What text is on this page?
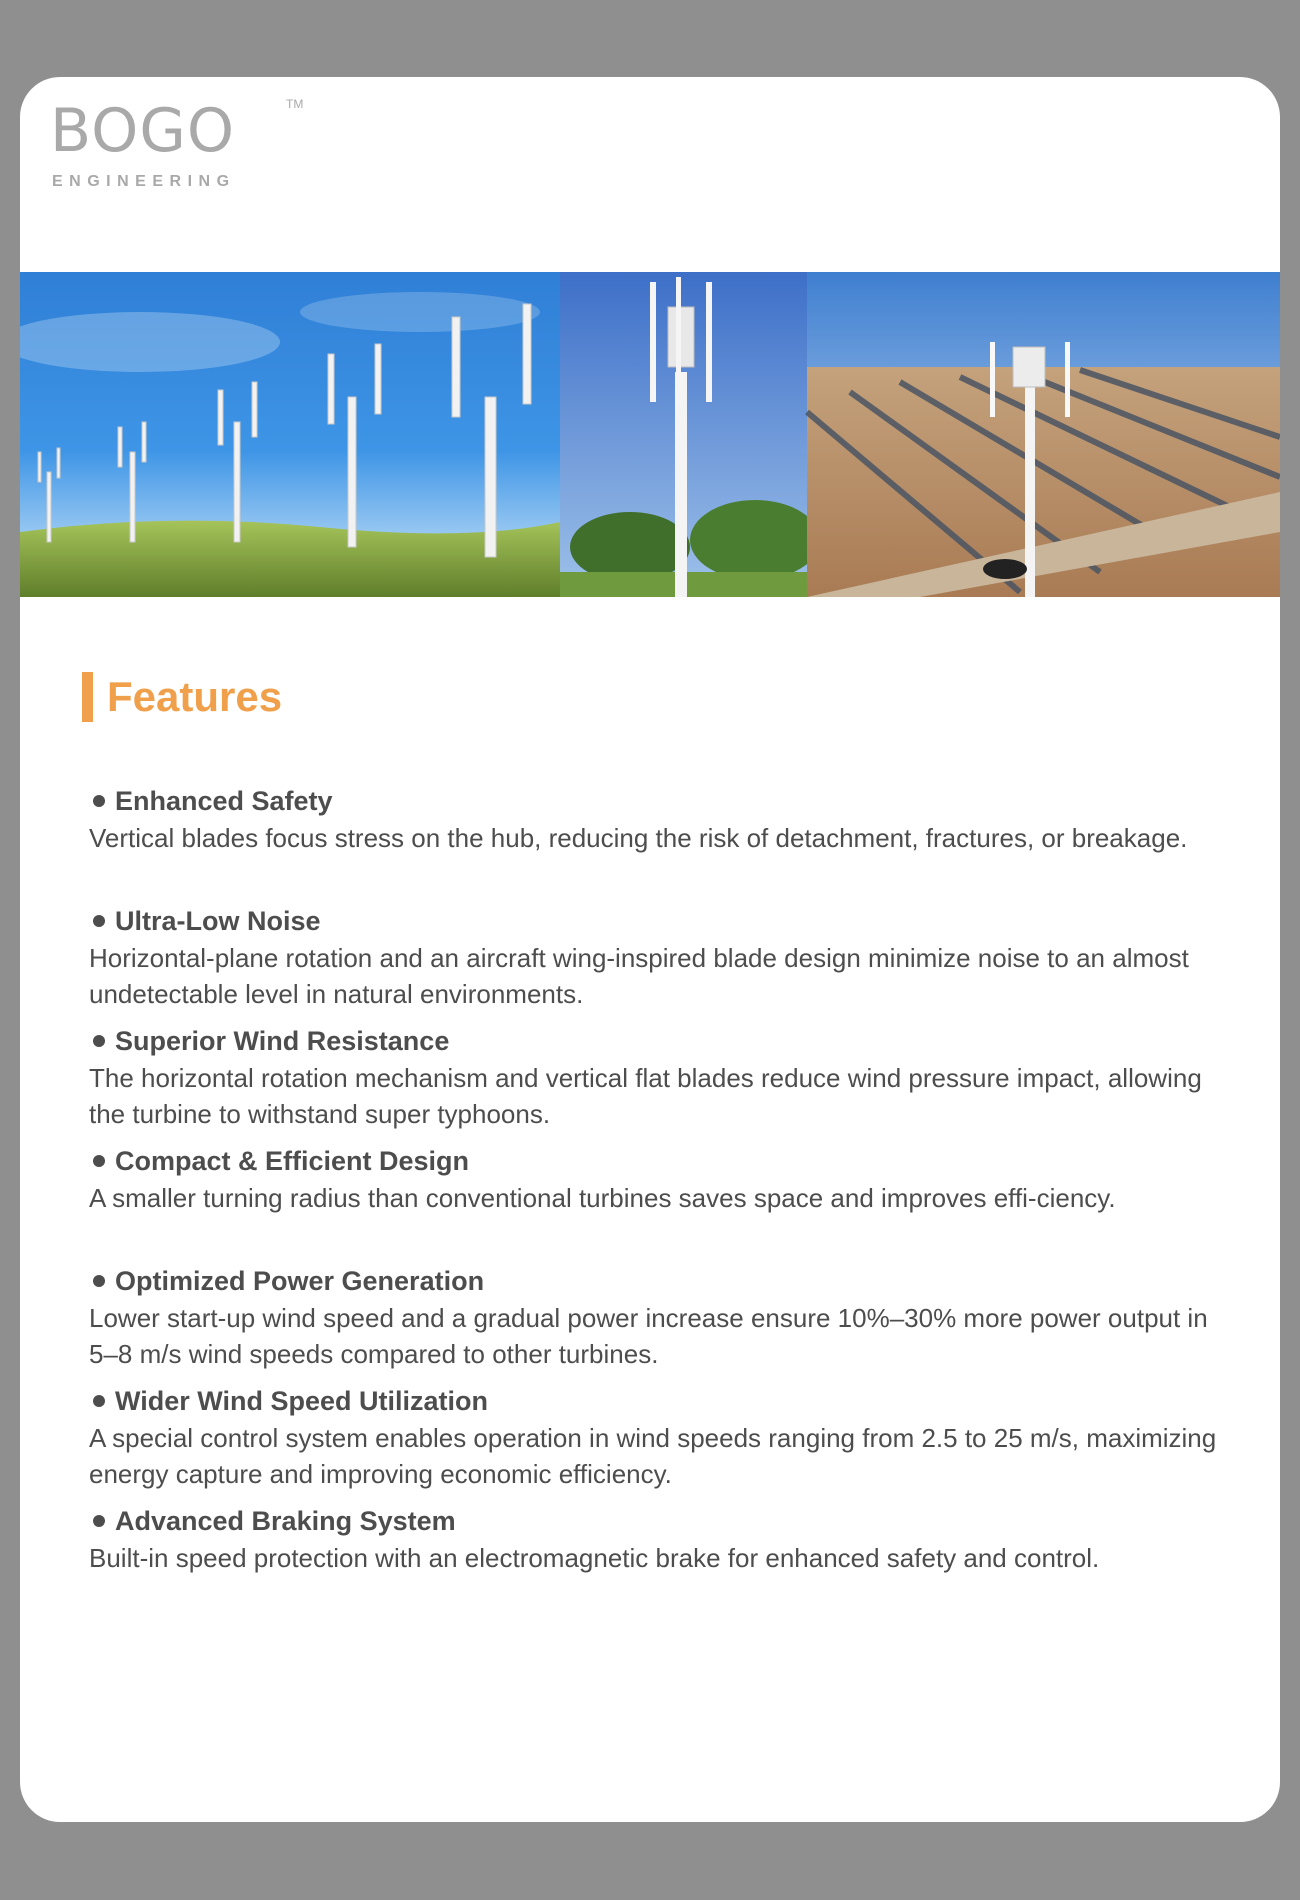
BOGO	TM
ENGINEERING
Features
Enhanced Safety
Vertical blades focus stress on the hub, reducing the risk of detachment, fractures, or breakage.
Ultra-Low Noise
Horizontal-plane rotation and an aircraft wing-inspired blade design minimize noise to an almost undetectable level in natural environments.
Superior Wind Resistance
The horizontal rotation mechanism and vertical flat blades reduce wind pressure impact, allowing the turbine to withstand super typhoons.
Compact & Efficient Design
A smaller turning radius than conventional turbines saves space and improves effi-ciency.
Optimized Power Generation
Lower start-up wind speed and a gradual power increase ensure 10%–30% more power output in 5–8 m/s wind speeds compared to other turbines.
Wider Wind Speed Utilization
A special control system enables operation in wind speeds ranging from 2.5 to 25 m/s, maximizing energy capture and improving economic efficiency.
Advanced Braking System
Built-in speed protection with an electromagnetic brake for enhanced safety and control.
